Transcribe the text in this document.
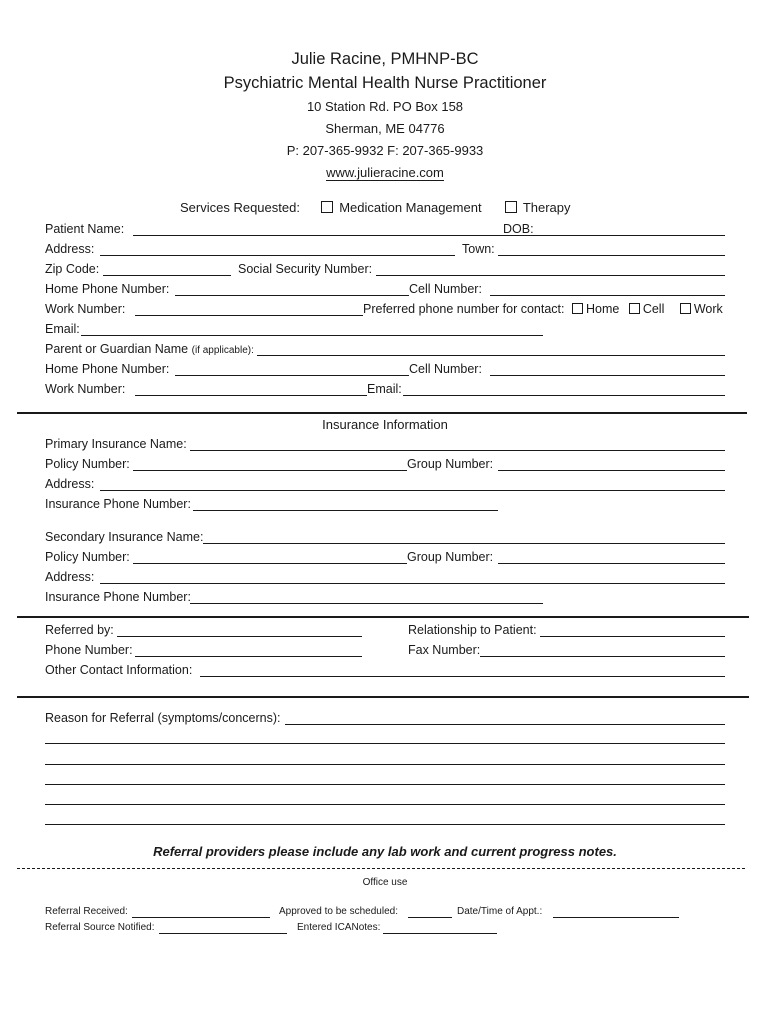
Julie Racine, PMHNP-BC
Psychiatric Mental Health Nurse Practitioner
10 Station Rd. PO Box 158
Sherman, ME 04776
P: 207-365-9932 F: 207-365-9933
www.julieracine.com
Services Requested:	Medication Management	Therapy
Patient Name:	DOB:
Address:	Town:
Zip Code:	Social Security Number:
Home Phone Number:	Cell Number:
Work Number:	Preferred phone number for contact: Home Cell Work
Email:
Parent or Guardian Name (if applicable):
Home Phone Number:	Cell Number:
Work Number:	Email:
Insurance Information
Primary Insurance Name:
Policy Number:	Group Number:
Address:
Insurance Phone Number:
Secondary Insurance Name:
Policy Number:	Group Number:
Address:
Insurance Phone Number:
Referred by:	Relationship to Patient:
Phone Number:	Fax Number:
Other Contact Information:
Reason for Referral (symptoms/concerns):
Referral providers please include any lab work and current progress notes.
Office use
Referral Received:	Approved to be scheduled:	Date/Time of Appt.:
Referral Source Notified:	Entered ICANotes:
